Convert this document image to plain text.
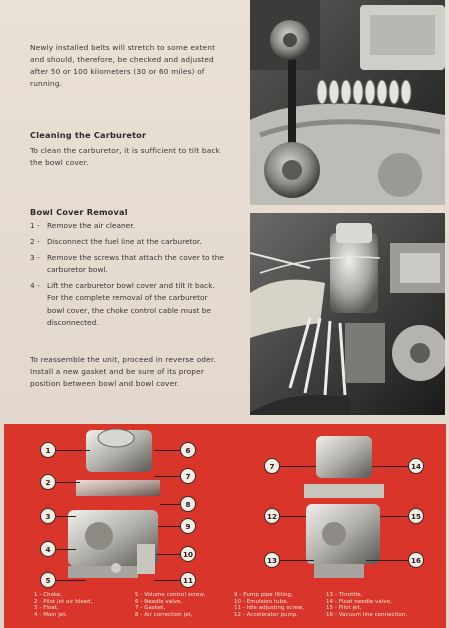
Newly installed belts will stretch to some extent and should, therefore, be checked and adjusted after 50 or 100 kilometers (30 or 60 miles) of running.
Cleaning the Carburetor
To clean the carburetor, it is sufficient to tilt back the bowl cover.
Bowl Cover Removal
1 - Remove the air cleaner.
2 - Disconnect the fuel line at the carburetor.
3 - Remove the screws that attach the cover to the carburetor bowl.
4 - Lift the carburetor bowl cover and tilt it back. For the complete removal of the carburetor bowl cover, the choke control cable must be disconnected.
To reassemble the unit, proceed in reverse oder. Install a new gasket and be sure of its proper position between bowl and bowl cover.
1
2
3
4
5
6
7
8
9
10
11
7
12
13
14
15
16
1 - Choke,
2 - Pilot jet air bleed,
3 - Float,
4 - Main jet,
5 - Volume control screw,
6 - Needle valve,
7 - Gasket,
8 - Air correction jet,
9 - Pump pipe fitting,
10 - Emulsion tube,
11 - Idle adjusting screw,
12 - Accelerator pump,
13 - Throttle,
14 - Float needle valve,
15 - Pilot jet,
16 - Vacuum line connection.
